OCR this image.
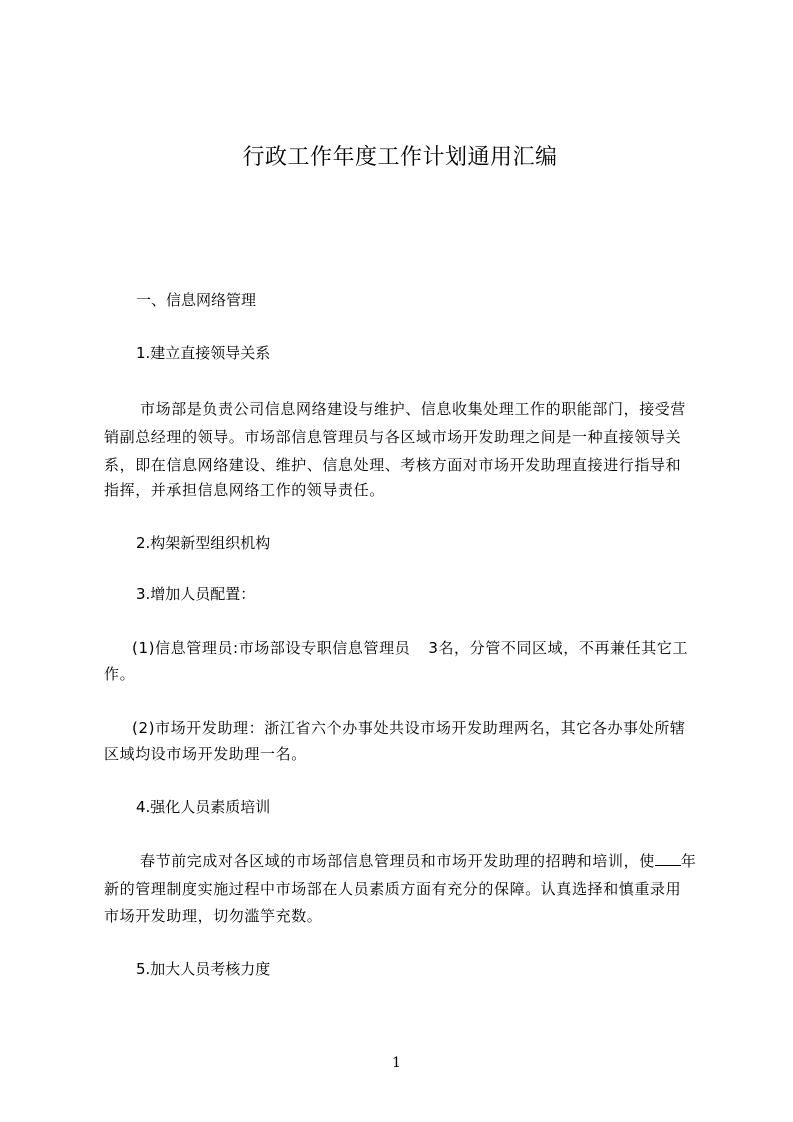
行政工作年度工作计划通用汇编

一、信息网络管理

1.建立直接领导关系

市场部是负责公司信息网络建设与维护、信息收集处理工作的职能部门，接受营

销副总经理的领导。市场部信息管理员与各区域市场开发助理之间是一种直接领导关

系，即在信息网络建设、维护、信息处理、考核方面对市场开发助理直接进行指导和

指挥，并承担信息网络工作的领导责任。

2.构架新型组织机构

3.增加人员配置：

(1)信息管理员:市场部设专职信息管理员 3名，分管不同区域，不再兼任其它工

作。

(2)市场开发助理：浙江省六个办事处共设市场开发助理两名，其它各办事处所辖

区域均设市场开发助理一名。

4.强化人员素质培训

春节前完成对各区域的市场部信息管理员和市场开发助理的招聘和培训，使 年

新的管理制度实施过程中市场部在人员素质方面有充分的保障。认真选择和慎重录用

市场开发助理，切勿滥竽充数。

5.加大人员考核力度

1
